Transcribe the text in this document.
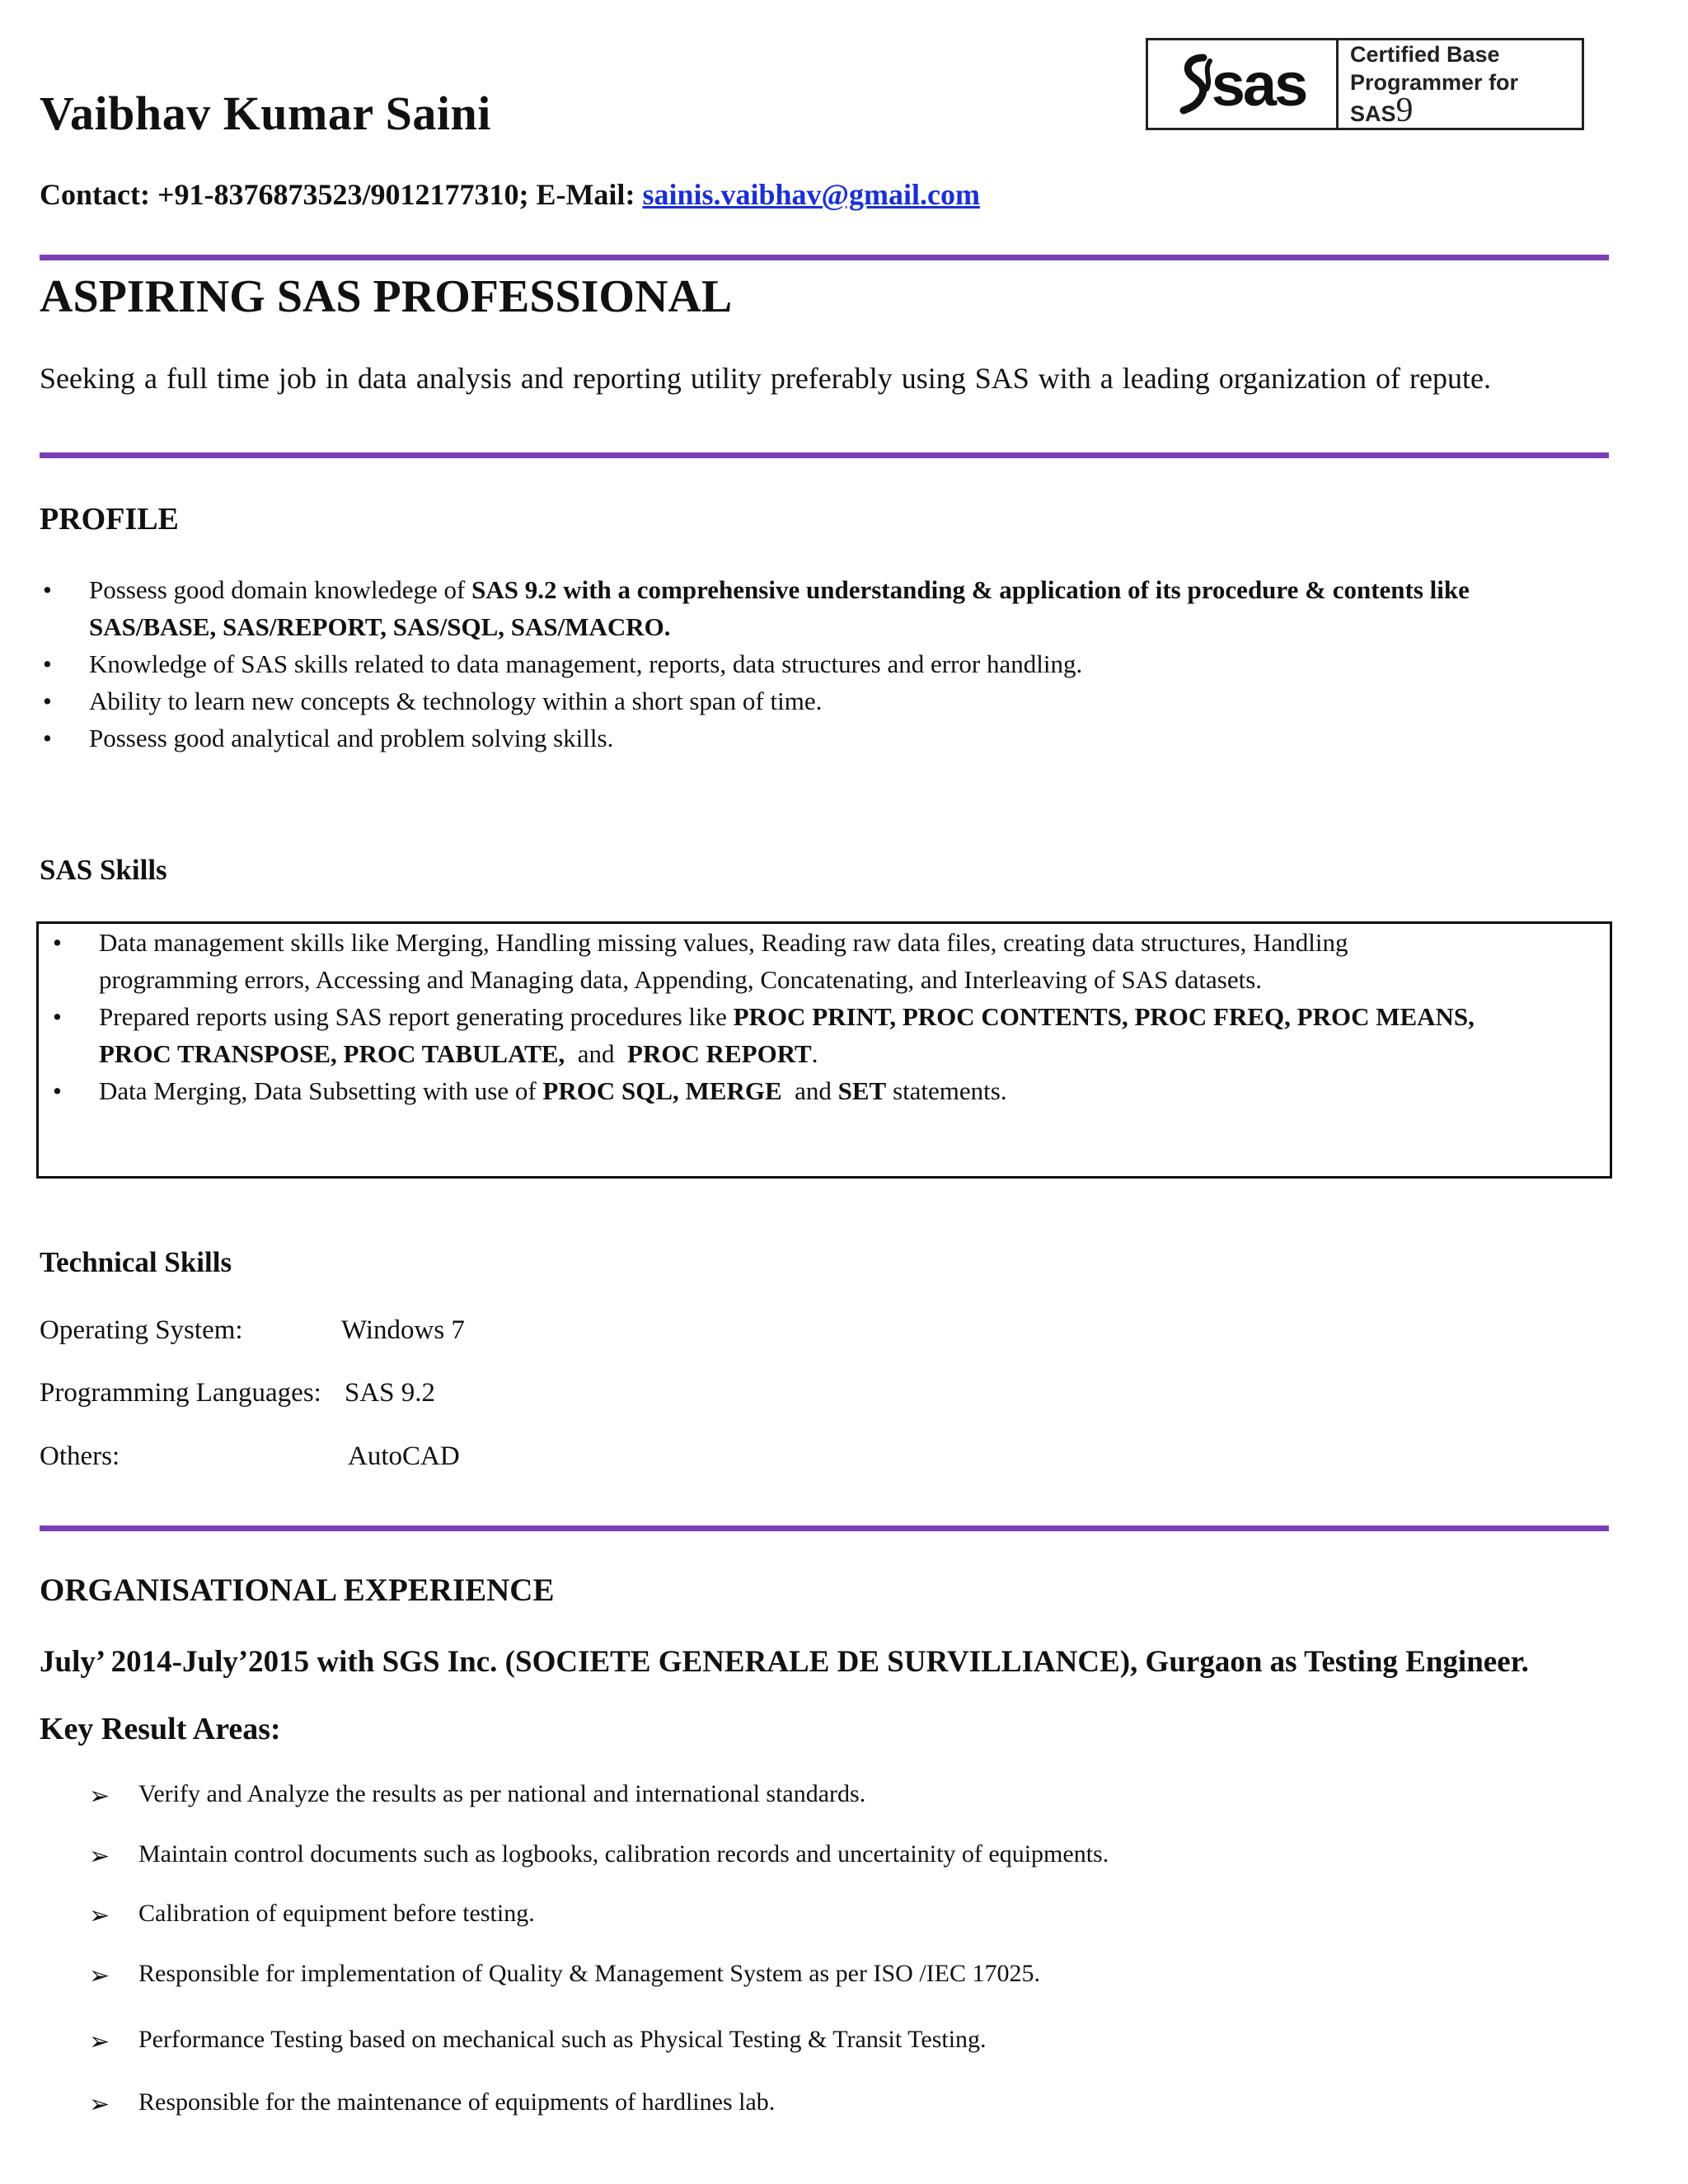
Vaibhav Kumar Saini	sas Certified Base
Programmer for SAS9
Contact: +91-8376873523/9012177310; E-Mail: sainis.vaibhav@gmail.com
ASPIRING SAS PROFESSIONAL
Seeking a full time job in data analysis and reporting utility preferably using SAS with a leading organization of repute.
PROFILE
• Possess good domain knowledege of SAS 9.2 with a comprehensive understanding & application of its procedure & contents like
SAS/BASE, SAS/REPORT, SAS/SQL, SAS/MACRO.
• Knowledge of SAS skills related to data management, reports, data structures and error handling.
• Ability to learn new concepts & technology within a short span of time.
• Possess good analytical and problem solving skills.
SAS Skills
• Data management skills like Merging, Handling missing values, Reading raw data files, creating data structures, Handling
programming errors, Accessing and Managing data, Appending, Concatenating, and Interleaving of SAS datasets.
• Prepared reports using SAS report generating procedures like PROC PRINT, PROC CONTENTS, PROC FREQ, PROC MEANS,
PROC TRANSPOSE, PROC TABULATE,  and  PROC REPORT.
• Data Merging, Data Subsetting with use of PROC SQL, MERGE  and SET statements.
Technical Skills
Operating System:	Windows 7
Programming Languages: SAS 9.2
Others:	AutoCAD
ORGANISATIONAL EXPERIENCE
July’ 2014-July’2015 with SGS Inc. (SOCIETE GENERALE DE SURVILLIANCE), Gurgaon as Testing Engineer.
Key Result Areas:
➢ Verify and Analyze the results as per national and international standards.
➢ Maintain control documents such as logbooks, calibration records and uncertainity of equipments.
➢ Calibration of equipment before testing.
➢ Responsible for implementation of Quality & Management System as per ISO /IEC 17025.
➢ Performance Testing based on mechanical such as Physical Testing & Transit Testing.
➢ Responsible for the maintenance of equipments of hardlines lab.
